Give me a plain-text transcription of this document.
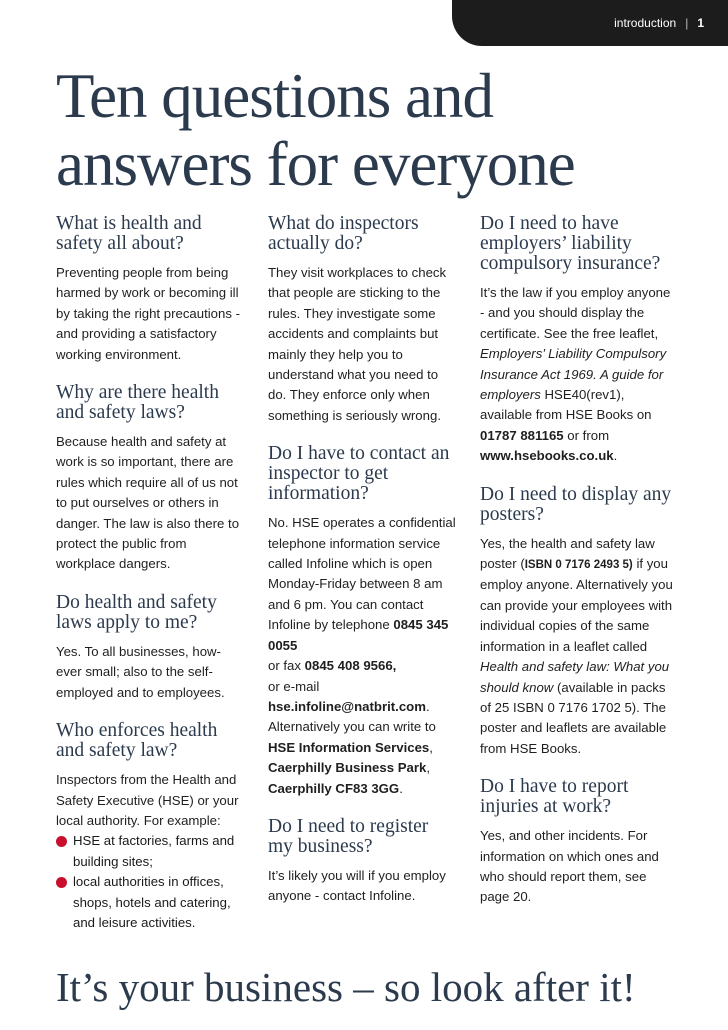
introduction | 1
Ten questions and
answers for everyone
What is health and safety all about?

Preventing people from being harmed by work or becoming ill by taking the right precautions - and providing a satisfactory working environment.

Why are there health and safety laws?

Because health and safety at work is so important, there are rules which require all of us not to put ourselves or others in danger. The law is also there to protect the public from workplace dangers.

Do health and safety laws apply to me?

Yes. To all businesses, how-ever small; also to the self-employed and to employees.

Who enforces health and safety law?

Inspectors from the Health and Safety Executive (HSE) or your local authority. For example:

HSE at factories, farms and building sites;
local authorities in offices, shops, hotels and catering, and leisure activities.
What do inspectors actually do?

They visit workplaces to check that people are sticking to the rules. They investigate some accidents and complaints but mainly they help you to understand what you need to do. They enforce only when something is seriously wrong.

Do I have to contact an inspector to get information?

No. HSE operates a confidential telephone information service called Infoline which is open Monday-Friday between 8 am and 6 pm. You can contact Infoline by telephone 0845 345 0055
or fax 0845 408 9566,
or e-mail
hse.infoline@natbrit.com. Alternatively you can write to HSE Information Services, Caerphilly Business Park, Caerphilly CF83 3GG.

Do I need to register my business?

It’s likely you will if you employ anyone - contact Infoline.

Do I need to have employers’ liability compulsory insurance?

It’s the law if you employ anyone - and you should display the certificate. See the free leaflet, Employers’ Liability Compulsory Insurance Act 1969. A guide for employers HSE40(rev1), available from HSE Books on 01787 881165 or from www.hsebooks.co.uk.

Do I need to display any posters?

Yes, the health and safety law poster (ISBN 0 7176 2493 5) if you employ anyone. Alternatively you can provide your employees with individual copies of the same information in a leaflet called Health and safety law: What you should know (available in packs of 25 ISBN 0 7176 1702 5). The poster and leaflets are available from HSE Books.

Do I have to report injuries at work?

Yes, and other incidents. For information on which ones and who should report them, see page 20.

It’s your business – so look after it!
